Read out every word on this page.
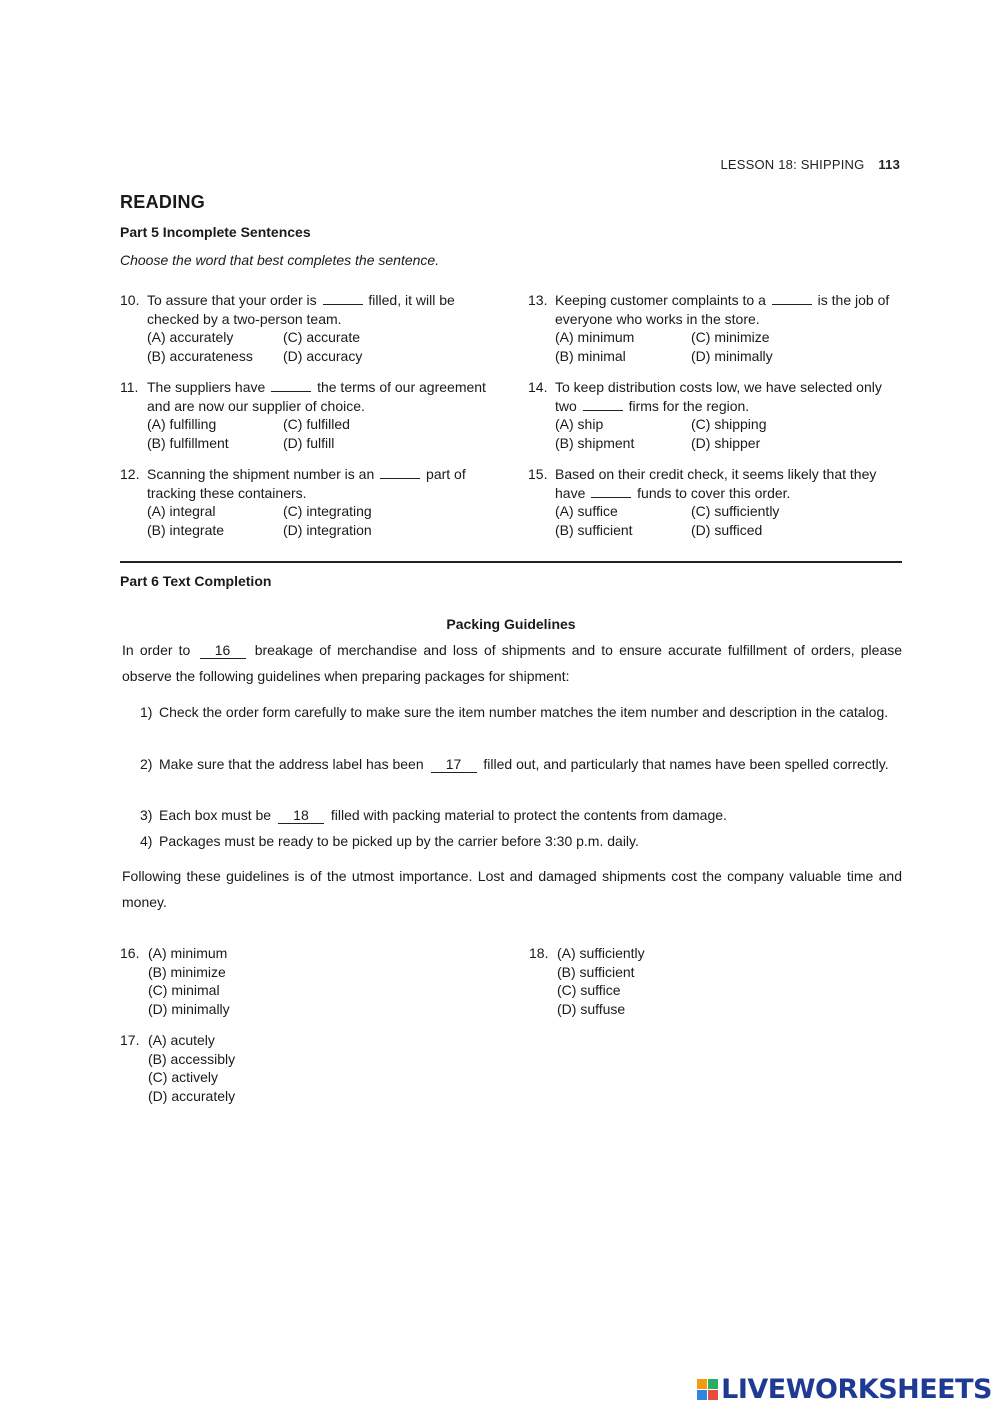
LESSON 18: SHIPPING 113
READING
Part 5 Incomplete Sentences
Choose the word that best completes the sentence.
10. To assure that your order is	filled, it will be checked by a two-person team.
(A) accurately	(C) accurate
(B) accurateness	(D) accuracy
11. The suppliers have	the terms of our agreement and are now our supplier of choice.
(A) fulfilling	(C) fulfilled
(B) fulfillment	(D) fulfill
12. Scanning the shipment number is an	part of tracking these containers.
(A) integral	(C) integrating
(B) integrate	(D) integration
13. Keeping customer complaints to a	is the job of everyone who works in the store.
(A) minimum	(C) minimize
(B) minimal	(D) minimally
14. To keep distribution costs low, we have selected only two	firms for the region.
(A) ship	(C) shipping
(B) shipment	(D) shipper
15. Based on their credit check, it seems likely that they have	funds to cover this order.
(A) suffice	(C) sufficiently
(B) sufficient	(D) sufficed
Part 6 Text Completion
Packing Guidelines
In order to 16 breakage of merchandise and loss of shipments and to ensure accurate fulfillment of orders, please observe the following guidelines when preparing packages for shipment:
1) Check the order form carefully to make sure the item number matches the item number and description in the catalog.
2) Make sure that the address label has been 17 filled out, and particularly that names have been spelled correctly.
3) Each box must be 18 filled with packing material to protect the contents from damage.
4) Packages must be ready to be picked up by the carrier before 3:30 p.m. daily.
Following these guidelines is of the utmost importance. Lost and damaged shipments cost the company valuable time and money.
16. (A) minimum
(B) minimize
(C) minimal
(D) minimally
17. (A) acutely
(B) accessibly
(C) actively
(D) accurately
18. (A) sufficiently
(B) sufficient
(C) suffice
(D) suffuse
LIVEWORKSHEETS
